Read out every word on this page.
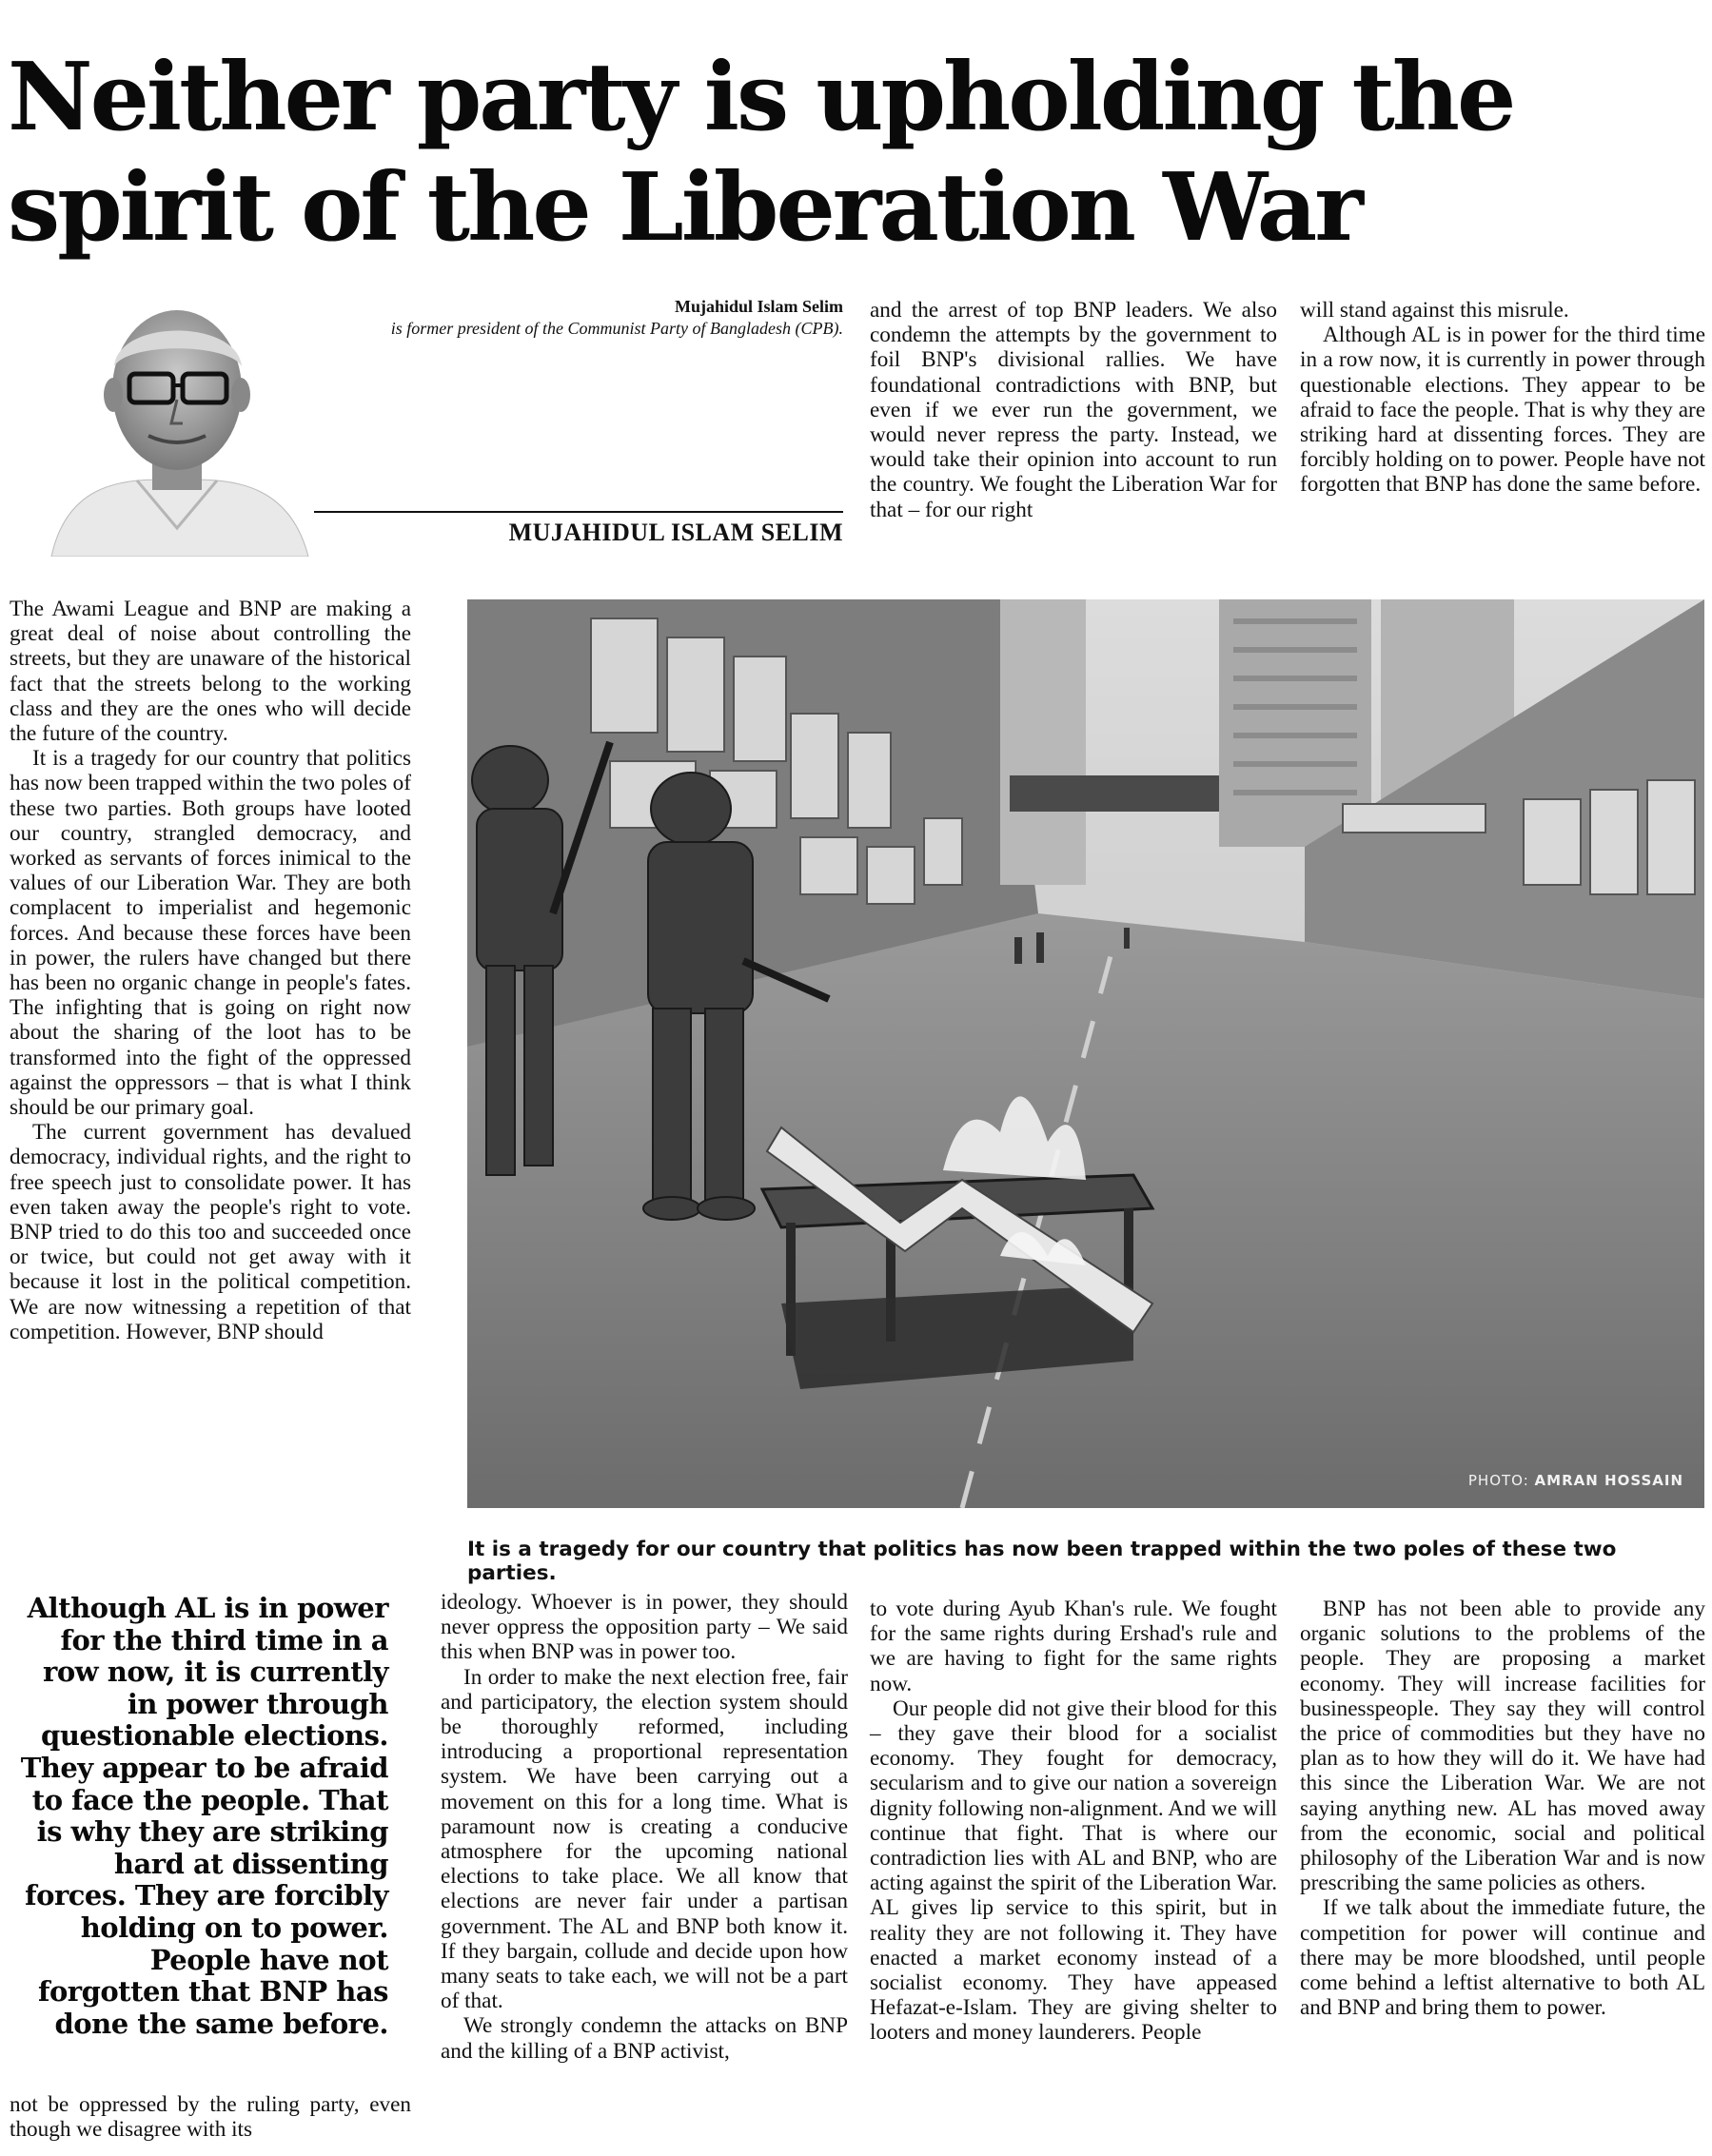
Neither party is upholding the spirit of the Liberation War
Mujahidul Islam Selim
is former president of the Communist Party of Bangladesh (CPB).
MUJAHIDUL ISLAM SELIM

and the arrest of top BNP leaders. We also condemn the attempts by the government to foil BNP's divisional rallies. We have foundational contradictions with BNP, but even if we ever run the government, we would never repress the party. Instead, we would take their opinion into account to run the country. We fought the Liberation War for that – for our right

will stand against this misrule.

Although AL is in power for the third time in a row now, it is currently in power through questionable elections. They appear to be afraid to face the people. That is why they are striking hard at dissenting forces. They are forcibly holding on to power. People have not forgotten that BNP has done the same before.

The Awami League and BNP are making a great deal of noise about controlling the streets, but they are unaware of the historical fact that the streets belong to the working class and they are the ones who will decide the future of the country.

It is a tragedy for our country that politics has now been trapped within the two poles of these two parties. Both groups have looted our country, strangled democracy, and worked as servants of forces inimical to the values of our Liberation War. They are both complacent to imperialist and hegemonic forces. And because these forces have been in power, the rulers have changed but there has been no organic change in people's fates. The infighting that is going on right now about the sharing of the loot has to be transformed into the fight of the oppressed against the oppressors – that is what I think should be our primary goal.

The current government has devalued democracy, individual rights, and the right to free speech just to consolidate power. It has even taken away the people's right to vote. BNP tried to do this too and succeeded once or twice, but could not get away with it because it lost in the political competition. We are now witnessing a repetition of that competition. However, BNP should

PHOTO: AMRAN HOSSAIN
It is a tragedy for our country that politics has now been trapped within the two poles of these two parties.

Although AL is in power for the third time in a row now, it is currently in power through questionable elections. They appear to be afraid to face the people. That is why they are striking hard at dissenting forces. They are forcibly holding on to power. People have not forgotten that BNP has done the same before.

not be oppressed by the ruling party, even though we disagree with its

ideology. Whoever is in power, they should never oppress the opposition party – We said this when BNP was in power too.

In order to make the next election free, fair and participatory, the election system should be thoroughly reformed, including introducing a proportional representation system. We have been carrying out a movement on this for a long time. What is paramount now is creating a conducive atmosphere for the upcoming national elections to take place. We all know that elections are never fair under a partisan government. The AL and BNP both know it. If they bargain, collude and decide upon how many seats to take each, we will not be a part of that.

We strongly condemn the attacks on BNP and the killing of a BNP activist,

to vote during Ayub Khan's rule. We fought for the same rights during Ershad's rule and we are having to fight for the same rights now.

Our people did not give their blood for this – they gave their blood for a socialist economy. They fought for democracy, secularism and to give our nation a sovereign dignity following non-alignment. And we will continue that fight. That is where our contradiction lies with AL and BNP, who are acting against the spirit of the Liberation War. AL gives lip service to this spirit, but in reality they are not following it. They have enacted a market economy instead of a socialist economy. They have appeased Hefazat-e-Islam. They are giving shelter to looters and money launderers. People

BNP has not been able to provide any organic solutions to the problems of the people. They are proposing a market economy. They will increase facilities for businesspeople. They say they will control the price of commodities but they have no plan as to how they will do it. We have had this since the Liberation War. We are not saying anything new. AL has moved away from the economic, social and political philosophy of the Liberation War and is now prescribing the same policies as others.

If we talk about the immediate future, the competition for power will continue and there may be more bloodshed, until people come behind a leftist alternative to both AL and BNP and bring them to power.
